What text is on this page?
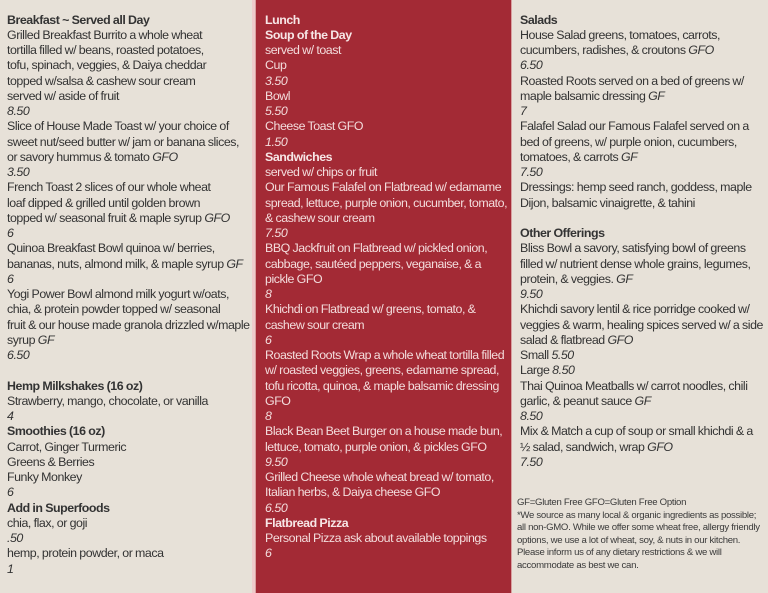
Breakfast ~ Served all Day
Grilled Breakfast Burrito a whole wheat
tortilla filled w/ beans, roasted potatoes,
tofu, spinach, veggies, & Daiya cheddar
topped w/salsa & cashew sour cream
served w/ aside of fruit
8.50
Slice of House Made Toast w/ your choice of
sweet nut/seed butter w/ jam or banana slices,
or savory hummus & tomato GFO
3.50
French Toast 2 slices of our whole wheat
loaf dipped & grilled until golden brown
topped w/ seasonal fruit & maple syrup GFO
6
Quinoa Breakfast Bowl quinoa w/ berries,
bananas, nuts, almond milk, & maple syrup GF
6
Yogi Power Bowl almond milk yogurt w/oats,
chia, & protein powder topped w/ seasonal
fruit & our house made granola drizzled w/maple
syrup GF
6.50
Hemp Milkshakes (16 oz)
Strawberry, mango, chocolate, or vanilla
4
Smoothies (16 oz)
Carrot, Ginger Turmeric
Greens & Berries
Funky Monkey
6
Add in Superfoods
chia, flax, or goji
.50
hemp, protein powder, or maca
1
Lunch
Soup of the Day
served w/ toast
Cup
3.50
Bowl
5.50
Cheese Toast GFO
1.50
Sandwiches
served w/ chips or fruit
Our Famous Falafel on Flatbread w/ edamame
spread, lettuce, purple onion, cucumber, tomato,
& cashew sour cream
7.50
BBQ Jackfruit on Flatbread w/ pickled onion,
cabbage, sautéed peppers, veganaise, & a
pickle GFO
8
Khichdi on Flatbread w/ greens, tomato, &
cashew sour cream
6
Roasted Roots Wrap a whole wheat tortilla filled
w/ roasted veggies, greens, edamame spread,
tofu ricotta, quinoa, & maple balsamic dressing
GFO
8
Black Bean Beet Burger on a house made bun,
lettuce, tomato, purple onion, & pickles GFO
9.50
Grilled Cheese whole wheat bread w/ tomato,
Italian herbs, & Daiya cheese GFO
6.50
Flatbread Pizza
Personal Pizza ask about available toppings
6
Salads
House Salad greens, tomatoes, carrots,
cucumbers, radishes, & croutons GFO
6.50
Roasted Roots served on a bed of greens w/
maple balsamic dressing GF
7
Falafel Salad our Famous Falafel served on a
bed of greens, w/ purple onion, cucumbers,
tomatoes, & carrots GF
7.50
Dressings: hemp seed ranch, goddess, maple
Dijon, balsamic vinaigrette, & tahini
Other Offerings
Bliss Bowl a savory, satisfying bowl of greens
filled w/ nutrient dense whole grains, legumes,
protein, & veggies. GF
9.50
Khichdi savory lentil & rice porridge cooked w/
veggies & warm, healing spices served w/ a side
salad & flatbread GFO
Small 5.50
Large 8.50
Thai Quinoa Meatballs w/ carrot noodles, chili
garlic, & peanut sauce GF
8.50
Mix & Match a cup of soup or small khichdi & a
½ salad, sandwich, wrap GFO
7.50
GF=Gluten Free GFO=Gluten Free Option
*We source as many local & organic ingredients as possible;
all non-GMO. While we offer some wheat free, allergy friendly
options, we use a lot of wheat, soy, & nuts in our kitchen.
Please inform us of any dietary restrictions & we will
accommodate as best we can.
